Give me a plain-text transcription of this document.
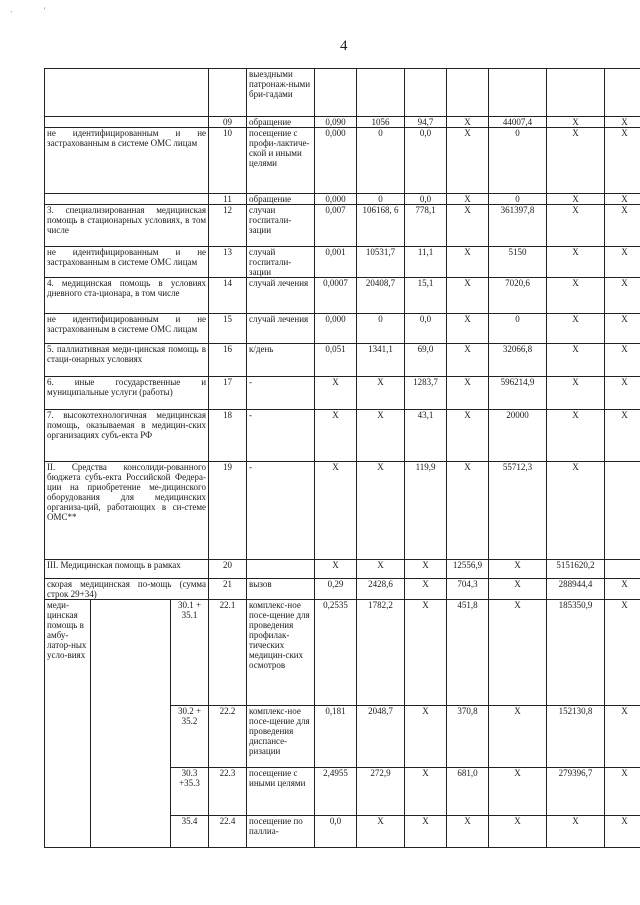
`	'
4
				выездными патронаж-ными бри-гадами							
			09	обращение	0,090	1056	94,7	X	44007,4	X	X
не идентифицированным и не застрахованным в системе ОМС лицам			10	посещение с профи-лактиче-ской и иными целями	0,000	0	0,0	X	0	X	X
			11	обращение	0,000	0	0,0	X	0	X	X
3. специализированная медицинская помощь в стационарных условиях, в том числе			12	случаи госпитали-зации	0,007	106168, 6	778,1	X	361397,8	X	X
не идентифицированным и не застрахованным в системе ОМС лицам			13	случай госпитали-зации	0,001	10531,7	11,1	X	5150	X	X
4. медицинская помощь в условиях дневного ста-ционара, в том числе			14	случай лечения	0,0007	20408,7	15,1	X	7020,6	X	X
не идентифицированным и не застрахованным в системе ОМС лицам			15	случай лечения	0,000	0	0,0	X	0	X	X
5. паллиативная меди-цинская помощь в стаци-онарных условиях			16	к/день	0,051	1341,1	69,0	X	32066,8	X	X
6. иные государственные и муниципальные услуги (работы)			17	-	X	X	1283,7	X	596214,9	X	X
7. высокотехнологичная медицинская помощь, оказываемая в медицин-ских организациях субъ-екта РФ			18	-	X	X	43,1	X	20000	X	X
II. Средства консолиди-рованного бюджета субъ-екта Российской Федера-ции на приобретение ме-дицинского оборудования для медицинских организа-ций, работающих в си-стеме ОМС**			19	-	X	X	119,9	X	55712,3	X	
III. Медицинская помощь в рамках			20		X	X	X	12556,9	X	5151620,2	
скорая медицинская по-мощь (сумма строк 29+34)			21	вызов	0,29	2428,6	X	704,3	X	288944,4	X
меди-цинская помощь в амбу-латор-ных усло-виях		30.1 + 35.1	22.1	комплекс-ное посе-щение для проведения профилак-тических медицин-ских осмотров	0,2535	1782,2	X	451,8	X	185350,9	X
		30.2 + 35.2	22.2	комплекс-ное посе-щение для проведения диспансе-ризации	0,181	2048,7	X	370,8	X	152130,8	X
		30.3 +35.3	22.3	посещение с иными целями	2,4955	272,9	X	681,0	X	279396,7	X
		35.4	22.4	посещение по паллиа-	0,0	X	X	X	X	X	X
